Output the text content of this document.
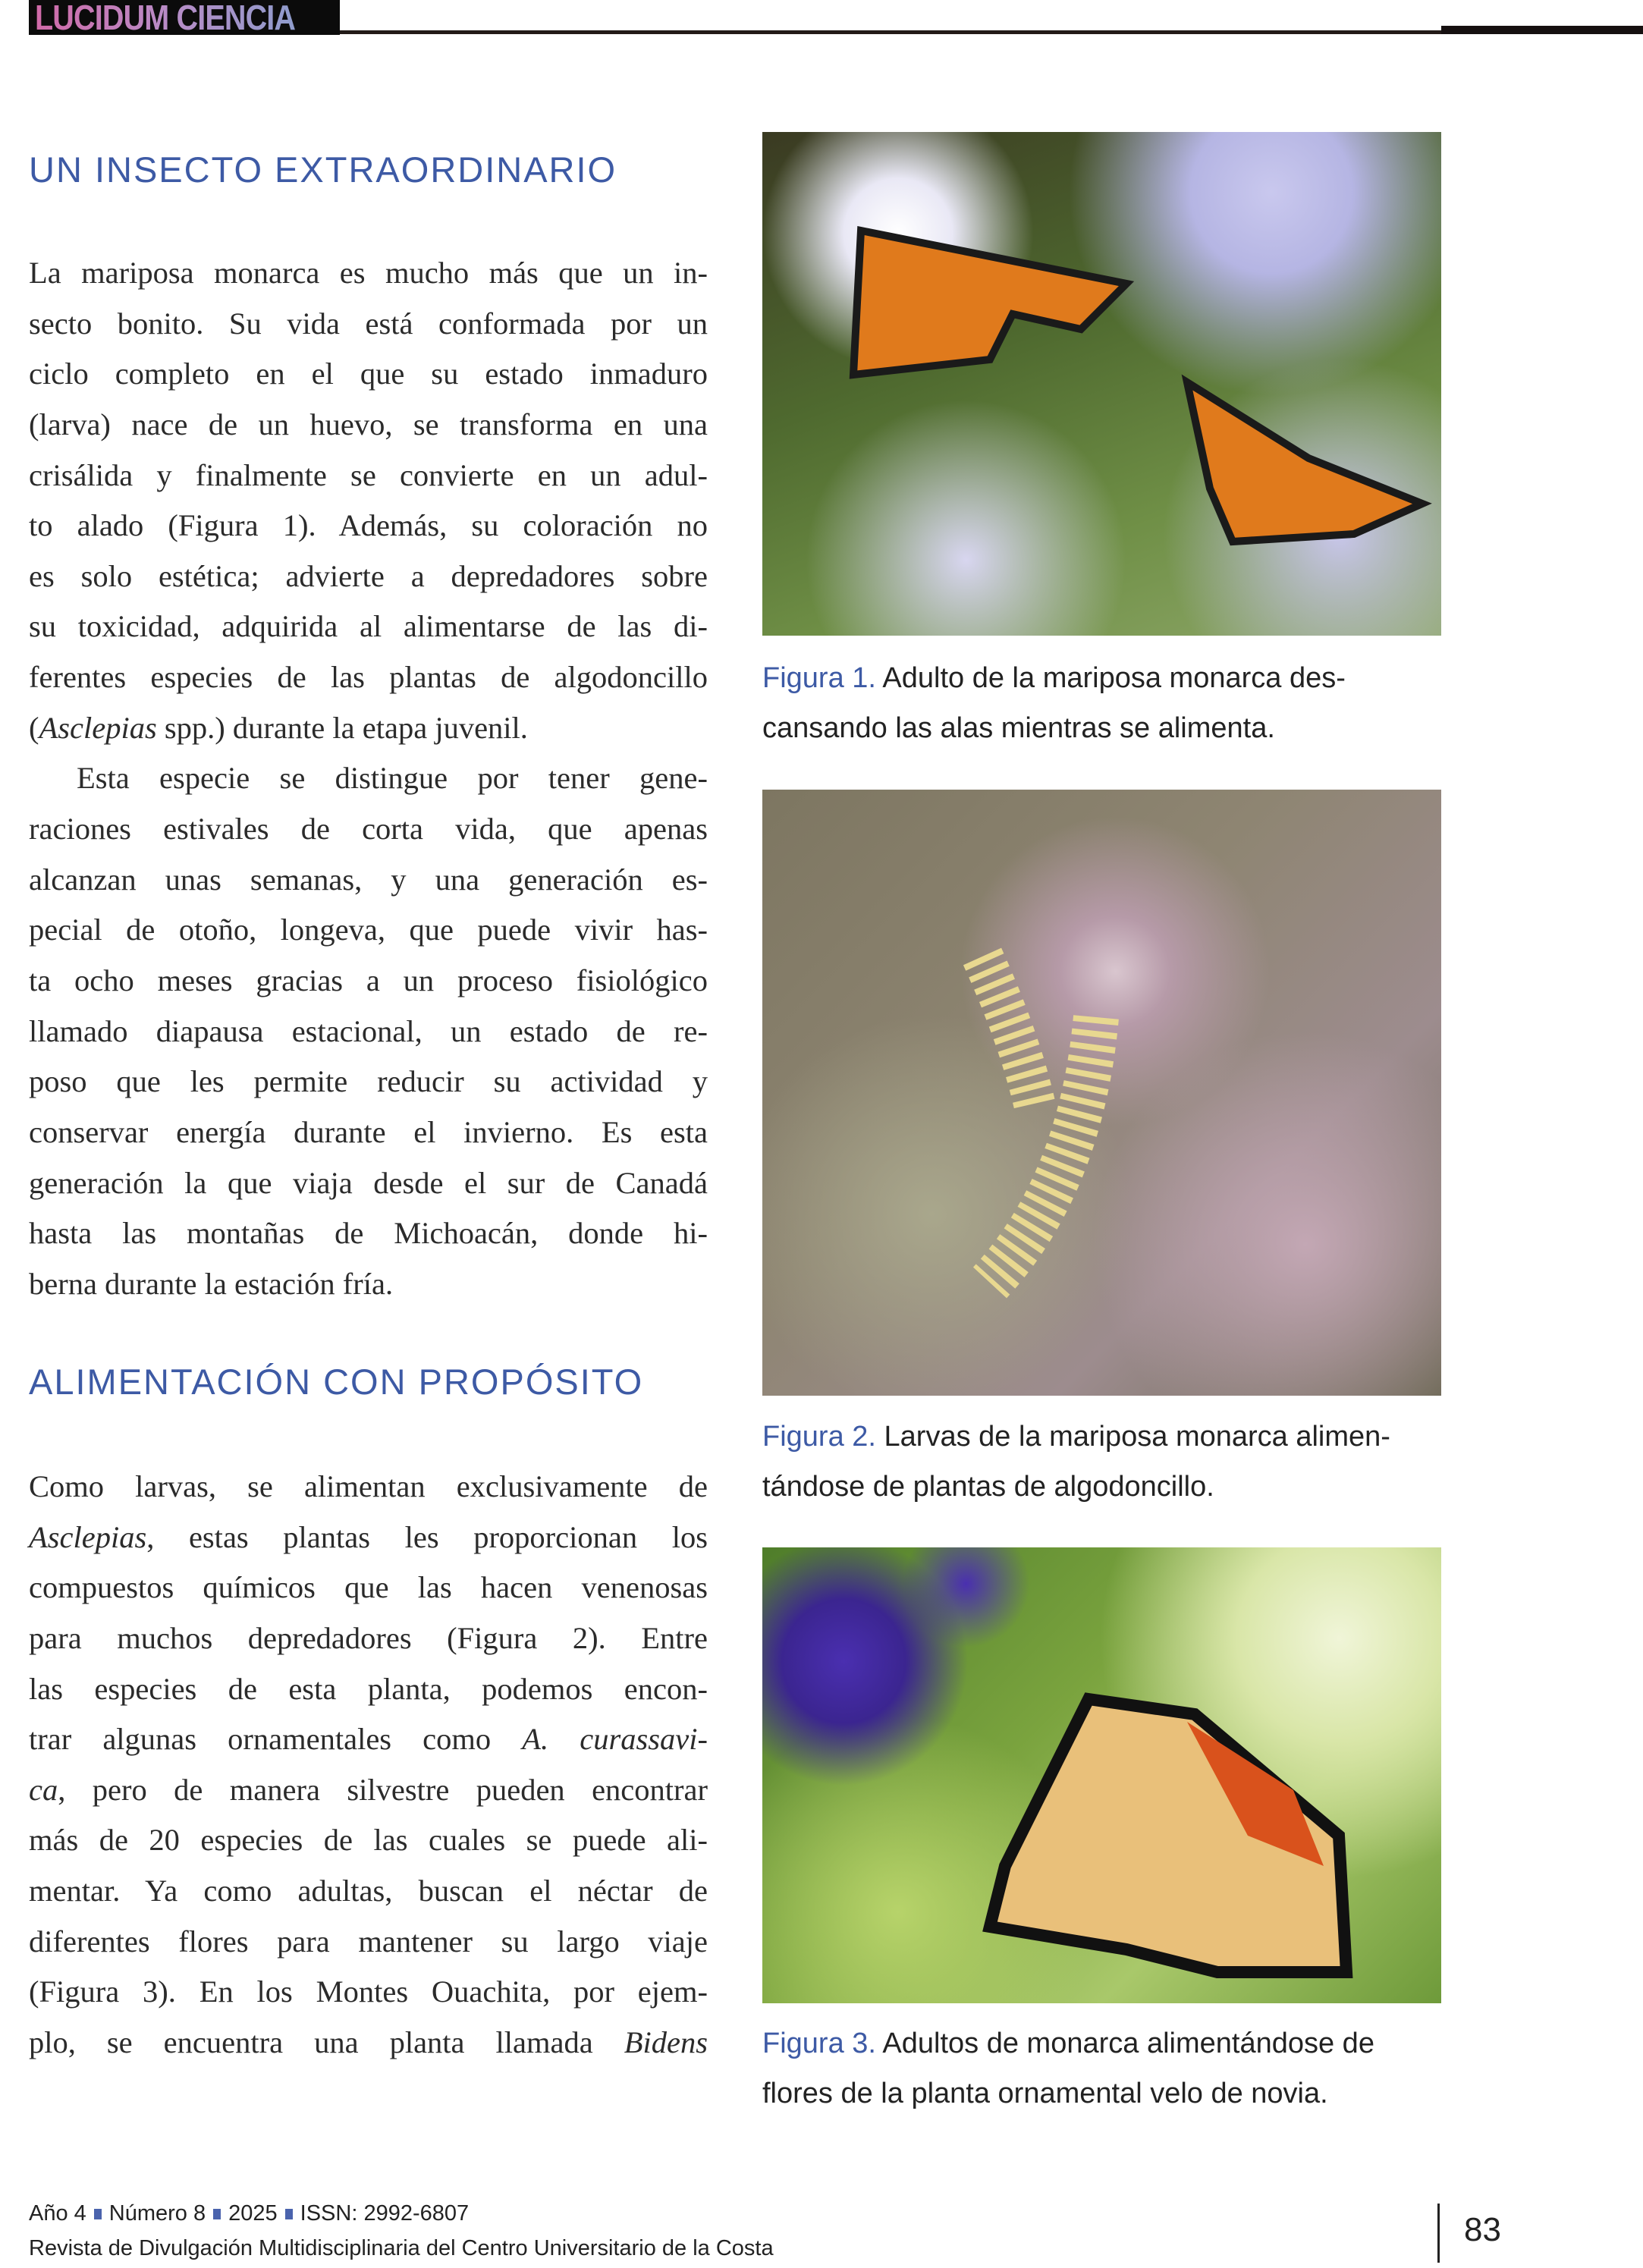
LUCIDUM CIENCIA
UN INSECTO EXTRAORDINARIO
La mariposa monarca es mucho más que un in-
secto bonito. Su vida está conformada por un
ciclo completo en el que su estado inmaduro
(larva) nace de un huevo, se transforma en una
crisálida y finalmente se convierte en un adul-
to alado (Figura 1). Además, su coloración no
es solo estética; advierte a depredadores sobre
su toxicidad, adquirida al alimentarse de las di-
ferentes especies de las plantas de algodoncillo
(Asclepias spp.) durante la etapa juvenil.
Esta especie se distingue por tener gene-
raciones estivales de corta vida, que apenas
alcanzan unas semanas, y una generación es-
pecial de otoño, longeva, que puede vivir has-
ta ocho meses gracias a un proceso fisiológico
llamado diapausa estacional, un estado de re-
poso que les permite reducir su actividad y
conservar energía durante el invierno. Es esta
generación la que viaja desde el sur de Canadá
hasta las montañas de Michoacán, donde hi-
berna durante la estación fría.
ALIMENTACIÓN CON PROPÓSITO
Como larvas, se alimentan exclusivamente de
Asclepias, estas plantas les proporcionan los
compuestos químicos que las hacen venenosas
para muchos depredadores (Figura 2). Entre
las especies de esta planta, podemos encon-
trar algunas ornamentales como A. curassavi-
ca, pero de manera silvestre pueden encontrar
más de 20 especies de las cuales se puede ali-
mentar. Ya como adultas, buscan el néctar de
diferentes flores para mantener su largo viaje
(Figura 3). En los Montes Ouachita, por ejem-
plo, se encuentra una planta llamada Bidens
Figura 1. Adulto de la mariposa monarca des-
cansando las alas mientras se alimenta.
Figura 2. Larvas de la mariposa monarca alimen-
tándose de plantas de algodoncillo.
Figura 3. Adultos de monarca alimentándose de
flores de la planta ornamental velo de novia.
Año 4 Número 8 2025 ISSN: 2992-6807
Revista de Divulgación Multidisciplinaria del Centro Universitario de la Costa	83
